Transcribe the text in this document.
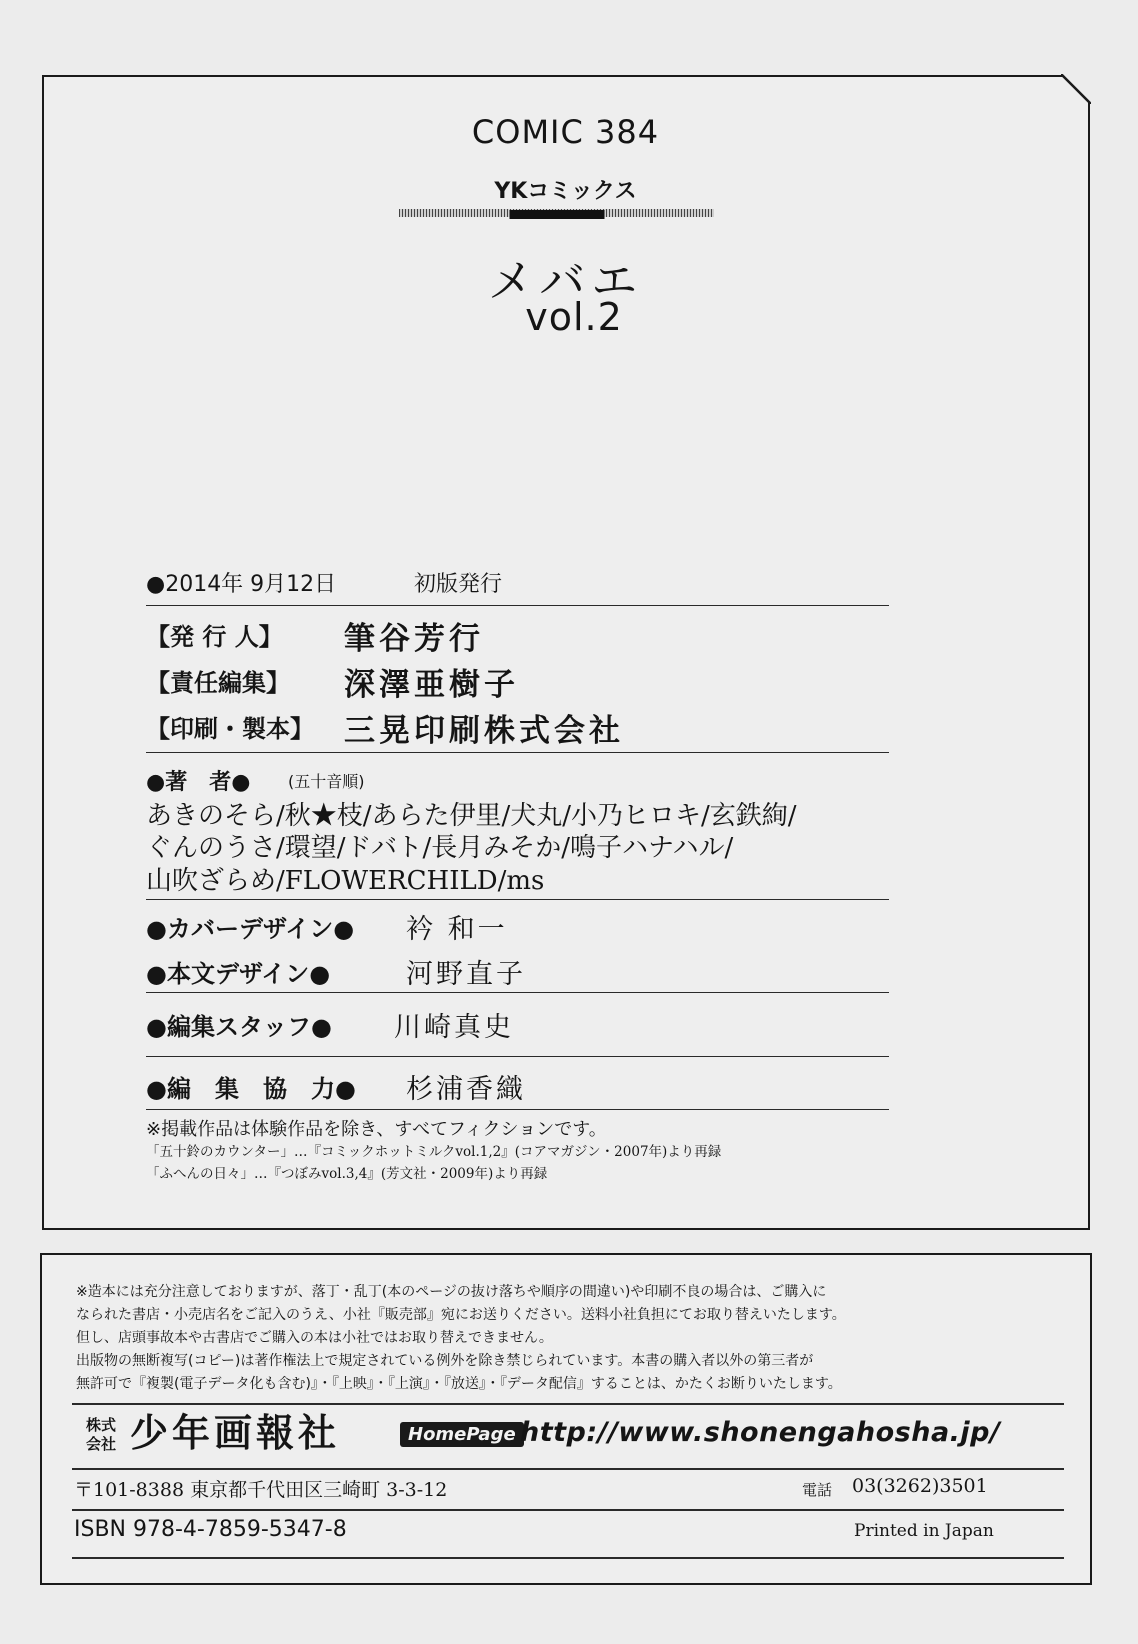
COMIC 384
YKコミックス
メバエ
vol.2
●2014年 9月12日	初版発行
【発 行 人】 筆谷芳行
【責任編集】 深澤亜樹子
【印刷・製本】 三晃印刷株式会社
●著　者● (五十音順)
あきのそら/秋★枝/あらた伊里/犬丸/小乃ヒロキ/玄鉄絢/
ぐんのうさ/環望/ドバト/長月みそか/鳴子ハナハル/
山吹ざらめ/FLOWERCHILD/ms
●カバーデザイン● 衿 和一
●本文デザイン●	河野直子
●編集スタッフ● 川崎真史
●編　集　協　力● 杉浦香織
※掲載作品は体験作品を除き、すべてフィクションです。
「五十鈴のカウンター」…『コミックホットミルクvol.1,2』(コアマガジン・2007年)より再録
「ふへんの日々」…『つぼみvol.3,4』(芳文社・2009年)より再録
※造本には充分注意しておりますが、落丁・乱丁(本のページの抜け落ちや順序の間違い)や印刷不良の場合は、ご購入に
なられた書店・小売店名をご記入のうえ、小社『販売部』宛にお送りください。送料小社負担にてお取り替えいたします。
但し、店頭事故本や古書店でご購入の本は小社ではお取り替えできません。
出版物の無断複写(コピー)は著作権法上で規定されている例外を除き禁じられています。本書の購入者以外の第三者が
無許可で『複製(電子データ化も含む)』・『上映』・『上演』・『放送』・『データ配信』することは、かたくお断りいたします。
株式
会社 少年画報社	HomePage http://www.shonengahosha.jp/
〒101-8388 東京都千代田区三崎町 3-3-12	電話 03(3262)3501
ISBN 978-4-7859-5347-8	Printed in Japan
